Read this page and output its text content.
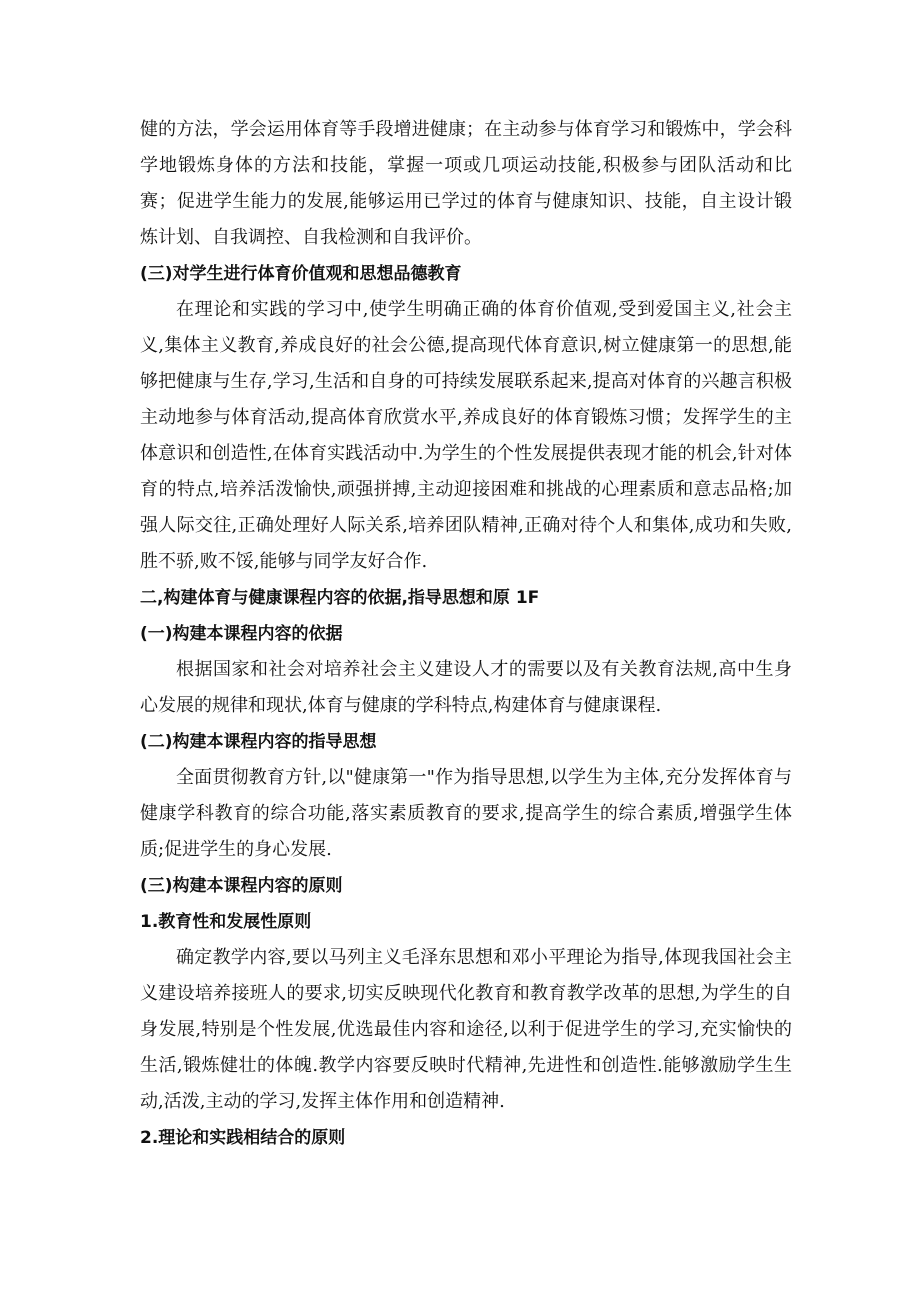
健的方法，学会运用体育等手段增进健康；在主动参与体育学习和锻炼中，学会科学地锻炼身体的方法和技能，掌握一项或几项运动技能,积极参与团队活动和比赛；促进学生能力的发展,能够运用已学过的体育与健康知识、技能，自主设计锻炼计划、自我调控、自我检测和自我评价。

(三)对学生进行体育价值观和思想品德教育

在理论和实践的学习中,使学生明确正确的体育价值观,受到爱国主义,社会主义,集体主义教育,养成良好的社会公德,提高现代体育意识,树立健康第一的思想,能够把健康与生存,学习,生活和自身的可持续发展联系起来,提高对体育的兴趣言积极主动地参与体育活动,提高体育欣赏水平,养成良好的体育锻炼习惯；发挥学生的主体意识和创造性,在体育实践活动中.为学生的个性发展提供表现才能的机会,针对体育的特点,培养活泼愉快,顽强拼搏,主动迎接困难和挑战的心理素质和意志品格;加强人际交往,正确处理好人际关系,培养团队精神,正确对待个人和集体,成功和失败,胜不骄,败不馁,能够与同学友好合作.

二,构建体育与健康课程内容的依据,指导思想和原 1F

(一)构建本课程内容的依据

根据国家和社会对培养社会主义建设人才的需要以及有关教育法规,高中生身心发展的规律和现状,体育与健康的学科特点,构建体育与健康课程.

(二)构建本课程内容的指导思想

全面贯彻教育方针,以"健康第一"作为指导思想,以学生为主体,充分发挥体育与健康学科教育的综合功能,落实素质教育的要求,提高学生的综合素质,增强学生体质;促进学生的身心发展.

(三)构建本课程内容的原则

1.教育性和发展性原则

确定教学内容,要以马列主义毛泽东思想和邓小平理论为指导,体现我国社会主义建设培养接班人的要求,切实反映现代化教育和教育教学改革的思想,为学生的自身发展,特别是个性发展,优选最佳内容和途径,以利于促进学生的学习,充实愉快的生活,锻炼健壮的体魄.教学内容要反映时代精神,先进性和创造性.能够激励学生生动,活泼,主动的学习,发挥主体作用和创造精神.

2.理论和实践相结合的原则
